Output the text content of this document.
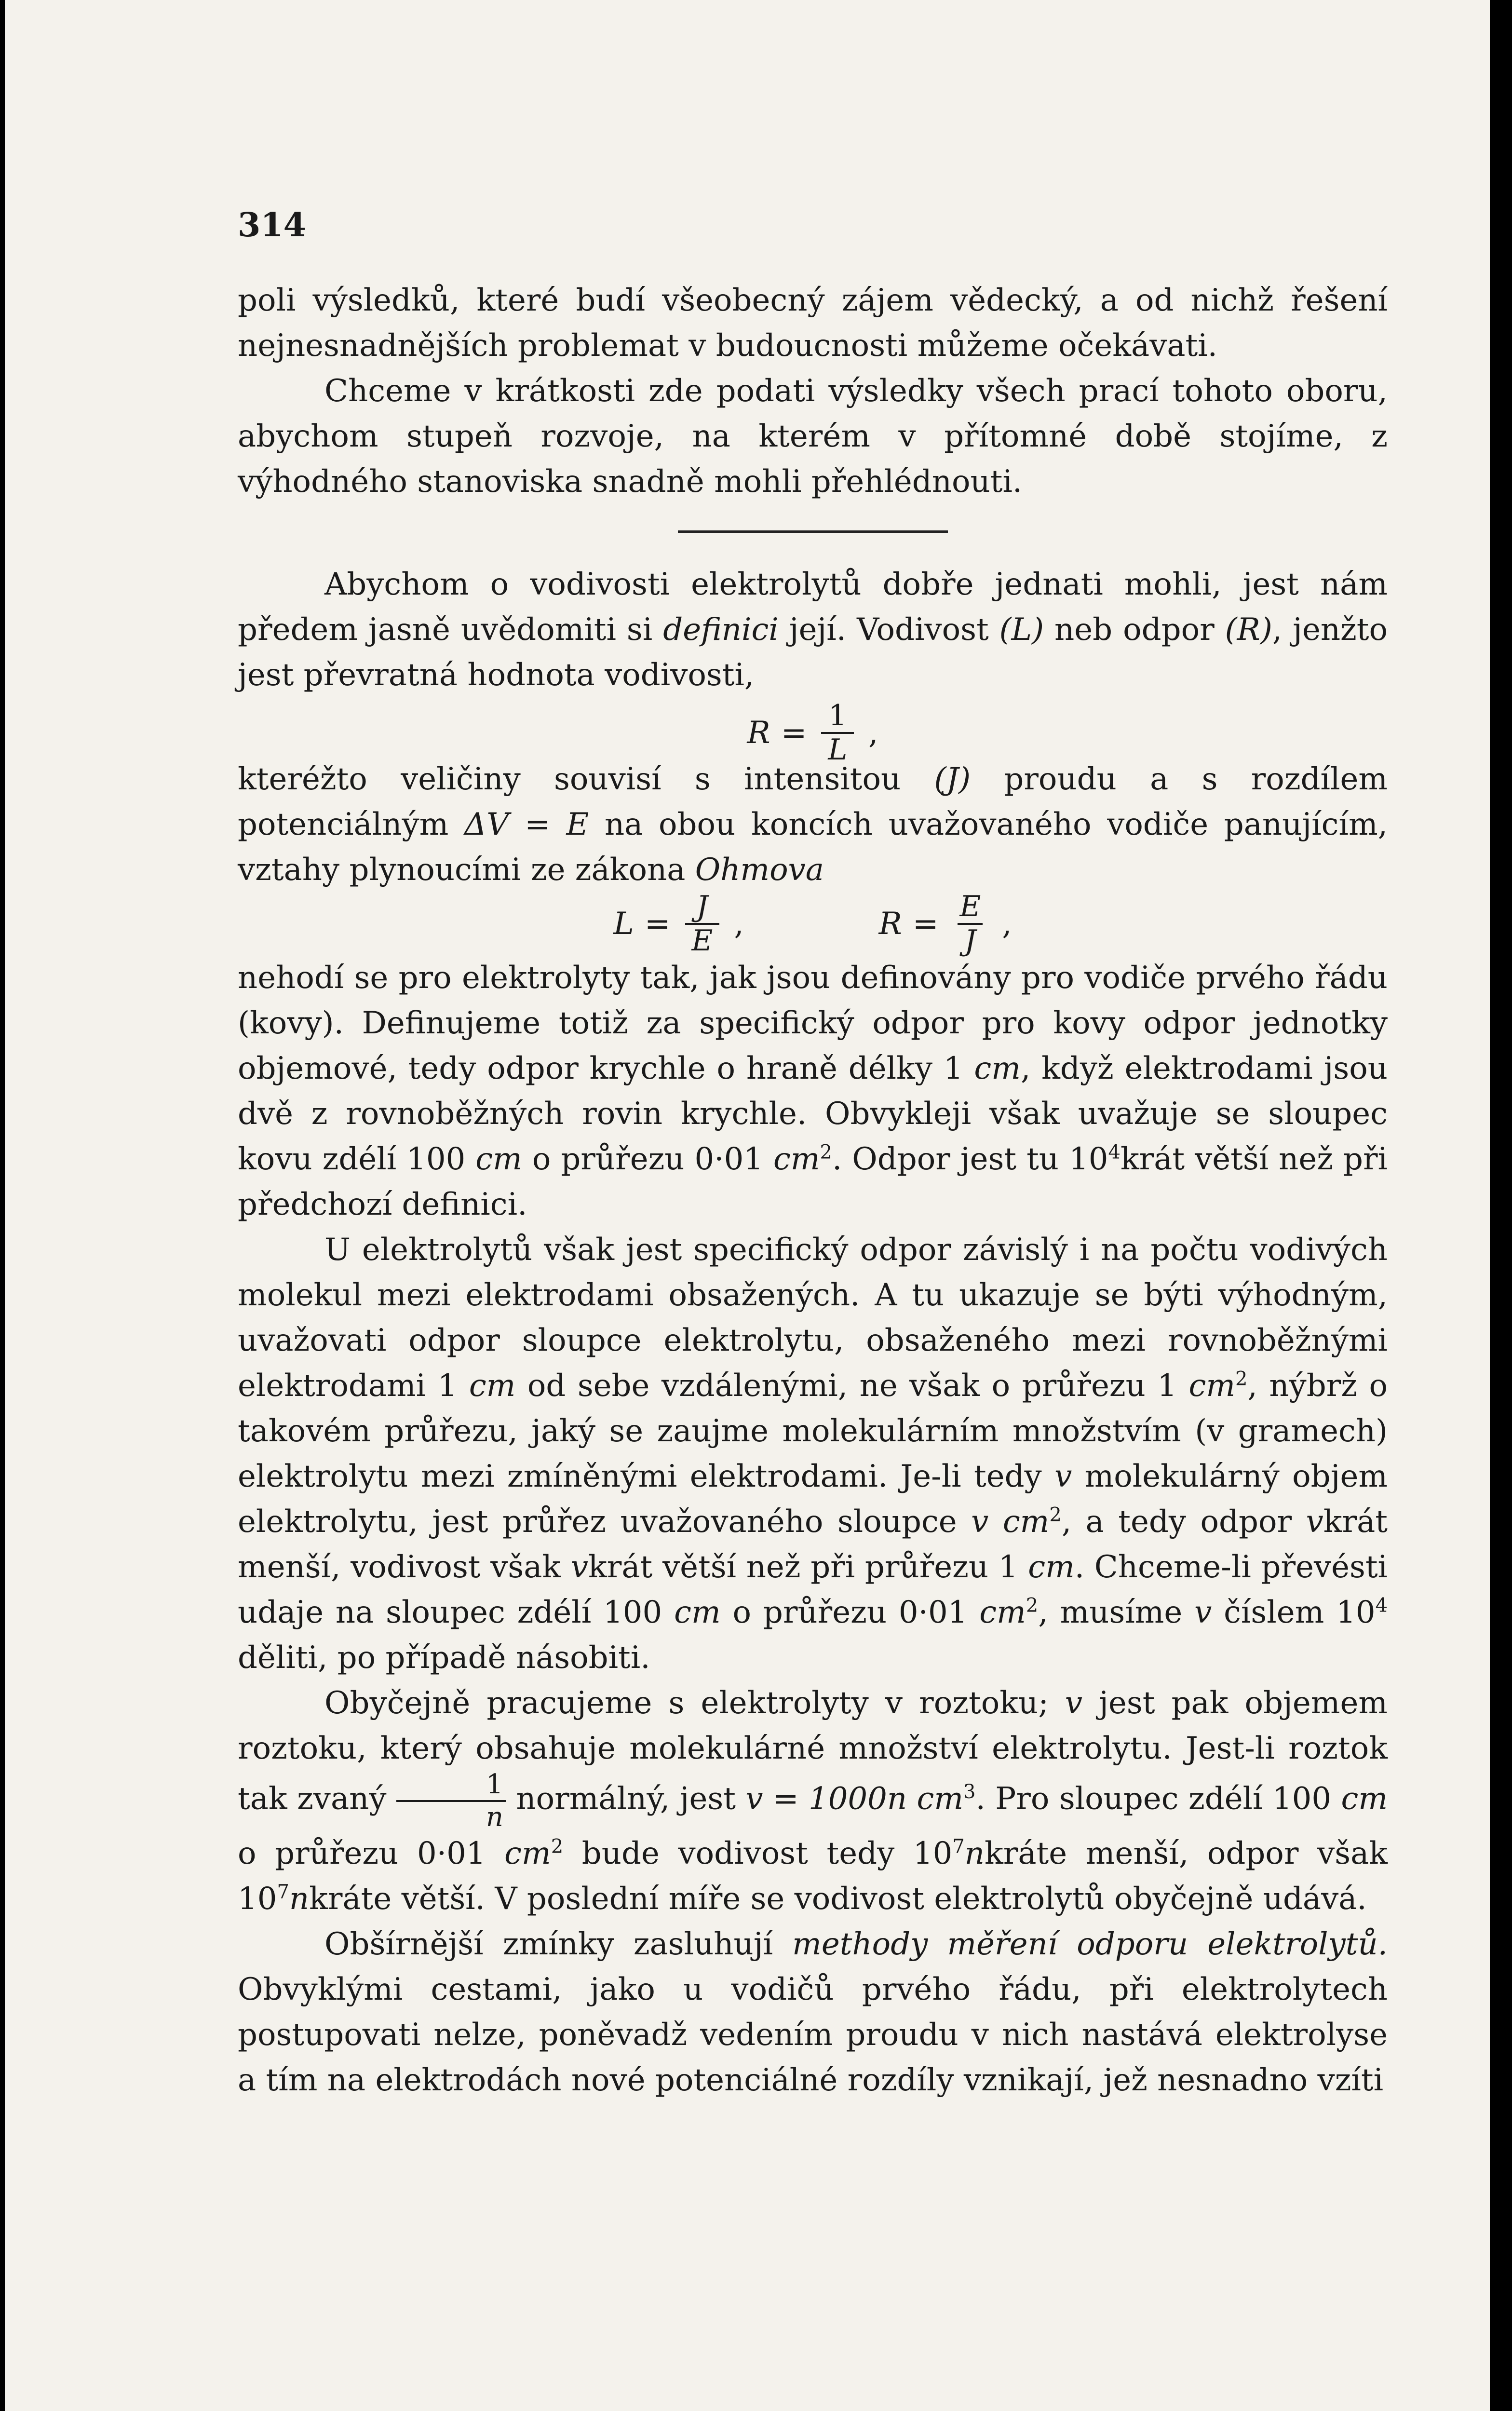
314

poli výsledků, které budí všeobecný zájem vědecký, a od nichž řešení nejnesnadnějších problemat v budoucnosti můžeme očekávati.

Chceme v krátkosti zde podati výsledky všech prací tohoto oboru, abychom stupeň rozvoje, na kterém v přítomné době stojíme, z výhodného stanoviska snadně mohli přehlédnouti.

Abychom o vodivosti elektrolytů dobře jednati mohli, jest nám předem jasně uvědomiti si definici její. Vodivost (L) neb odpor (R), jenžto jest převratná hodnota vodivosti,

$R = \frac{1}{L}$ ,

kteréžto veličiny souvisí s intensitou (J) proudu a s rozdílem potenciálným ΔV = E na obou koncích uvažovaného vodiče panujícím, vztahy plynoucími ze zákona Ohmova

$L = \frac{J}{E}$ ,	$R = \frac{E}{J}$ ,

nehodí se pro elektrolyty tak, jak jsou definovány pro vodiče prvého řádu (kovy). Definujeme totiž za specifický odpor pro kovy odpor jednotky objemové, tedy odpor krychle o hraně délky 1 cm, když elektrodami jsou dvě z rovnoběžných rovin krychle. Obvykleji však uvažuje se sloupec kovu zdélí 100 cm o průřezu 0·01 $cm^2$. Odpor jest tu $10^4krát$ větší než při předchozí definici.

U elektrolytů však jest specifický odpor závislý i na počtu vodivých molekul mezi elektrodami obsažených. A tu ukazuje se býti výhodným, uvažovati odpor sloupce elektrolytu, obsaženého mezi rovnoběžnými elektrodami 1 cm od sebe vzdálenými, ne však o průřezu 1 $cm^2$, nýbrž o takovém průřezu, jaký se zaujme molekulárním množstvím (v gramech) elektrolytu mezi zmíněnými elektrodami. Je-li tedy v molekulárný objem elektrolytu, jest průřez uvažovaného sloupce v $cm^2$, a tedy odpor vkrát menší, vodivost však vkrát větší než při průřezu 1 cm. Chceme-li převésti udaje na sloupec zdélí 100 cm o průřezu 0·01 $cm^2$, musíme v číslem $10^4$ děliti, po případě násobiti.

Obyčejně pracujeme s elektrolyty v roztoku; v jest pak objemem roztoku, který obsahuje molekulárné množství elektrolytu. Jest-li roztok tak zvaný $\frac{1}{n}$ normálný, jest v = 1000n $cm^3$. Pro sloupec zdélí 100 cm o průřezu 0·01 $cm^2$ bude vodivost tedy $10^7nkráte$ menší, odpor však $10^7nkráte$ větší. V poslední míře se vodivost elektrolytů obyčejně udává.

Obšírnější zmínky zasluhují methody měření odporu elektrolytů. Obvyklými cestami, jako u vodičů prvého řádu, při elektrolytech postupovati nelze, poněvadž vedením proudu v nich nastává elektrolyse a tím na elektrodách nové potenciálné rozdíly vznikají, jež nesnadno vzíti
